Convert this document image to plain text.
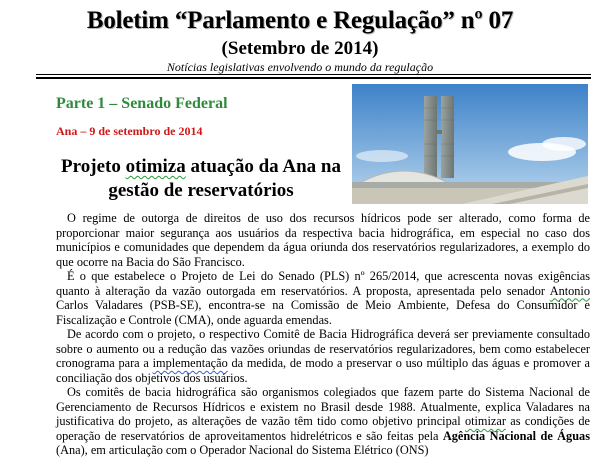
Boletim “Parlamento e Regulação” nº 07
(Setembro de 2014)
Notícias legislativas envolvendo o mundo da regulação
Parte 1 – Senado Federal
Ana – 9 de setembro de 2014
Projeto otimiza atuação da Ana na gestão de reservatórios

O regime de outorga de direitos de uso dos recursos hídricos pode ser alterado, como forma de proporcionar maior segurança aos usuários da respectiva bacia hidrográfica, em especial no caso dos municípios e comunidades que dependem da água oriunda dos reservatórios regularizadores, a exemplo do que ocorre na Bacia do São Francisco.

É o que estabelece o Projeto de Lei do Senado (PLS) nº 265/2014, que acrescenta novas exigências quanto à alteração da vazão outorgada em reservatórios. A proposta, apresentada pelo senador Antonio Carlos Valadares (PSB-SE), encontra-se na Comissão de Meio Ambiente, Defesa do Consumidor e Fiscalização e Controle (CMA), onde aguarda emendas.

De acordo com o projeto, o respectivo Comitê de Bacia Hidrográfica deverá ser previamente consultado sobre o aumento ou a redução das vazões oriundas de reservatórios regularizadores, bem como estabelecer cronograma para a implementação da medida, de modo a preservar o uso múltiplo das águas e promover a conciliação dos objetivos dos usuários.

Os comitês de bacia hidrográfica são organismos colegiados que fazem parte do Sistema Nacional de Gerenciamento de Recursos Hídricos e existem no Brasil desde 1988. Atualmente, explica Valadares na justificativa do projeto, as alterações de vazão têm tido como objetivo principal otimizar as condições de operação de reservatórios de aproveitamentos hidrelétricos e são feitas pela Agência Nacional de Águas (Ana), em articulação com o Operador Nacional do Sistema Elétrico (ONS)
